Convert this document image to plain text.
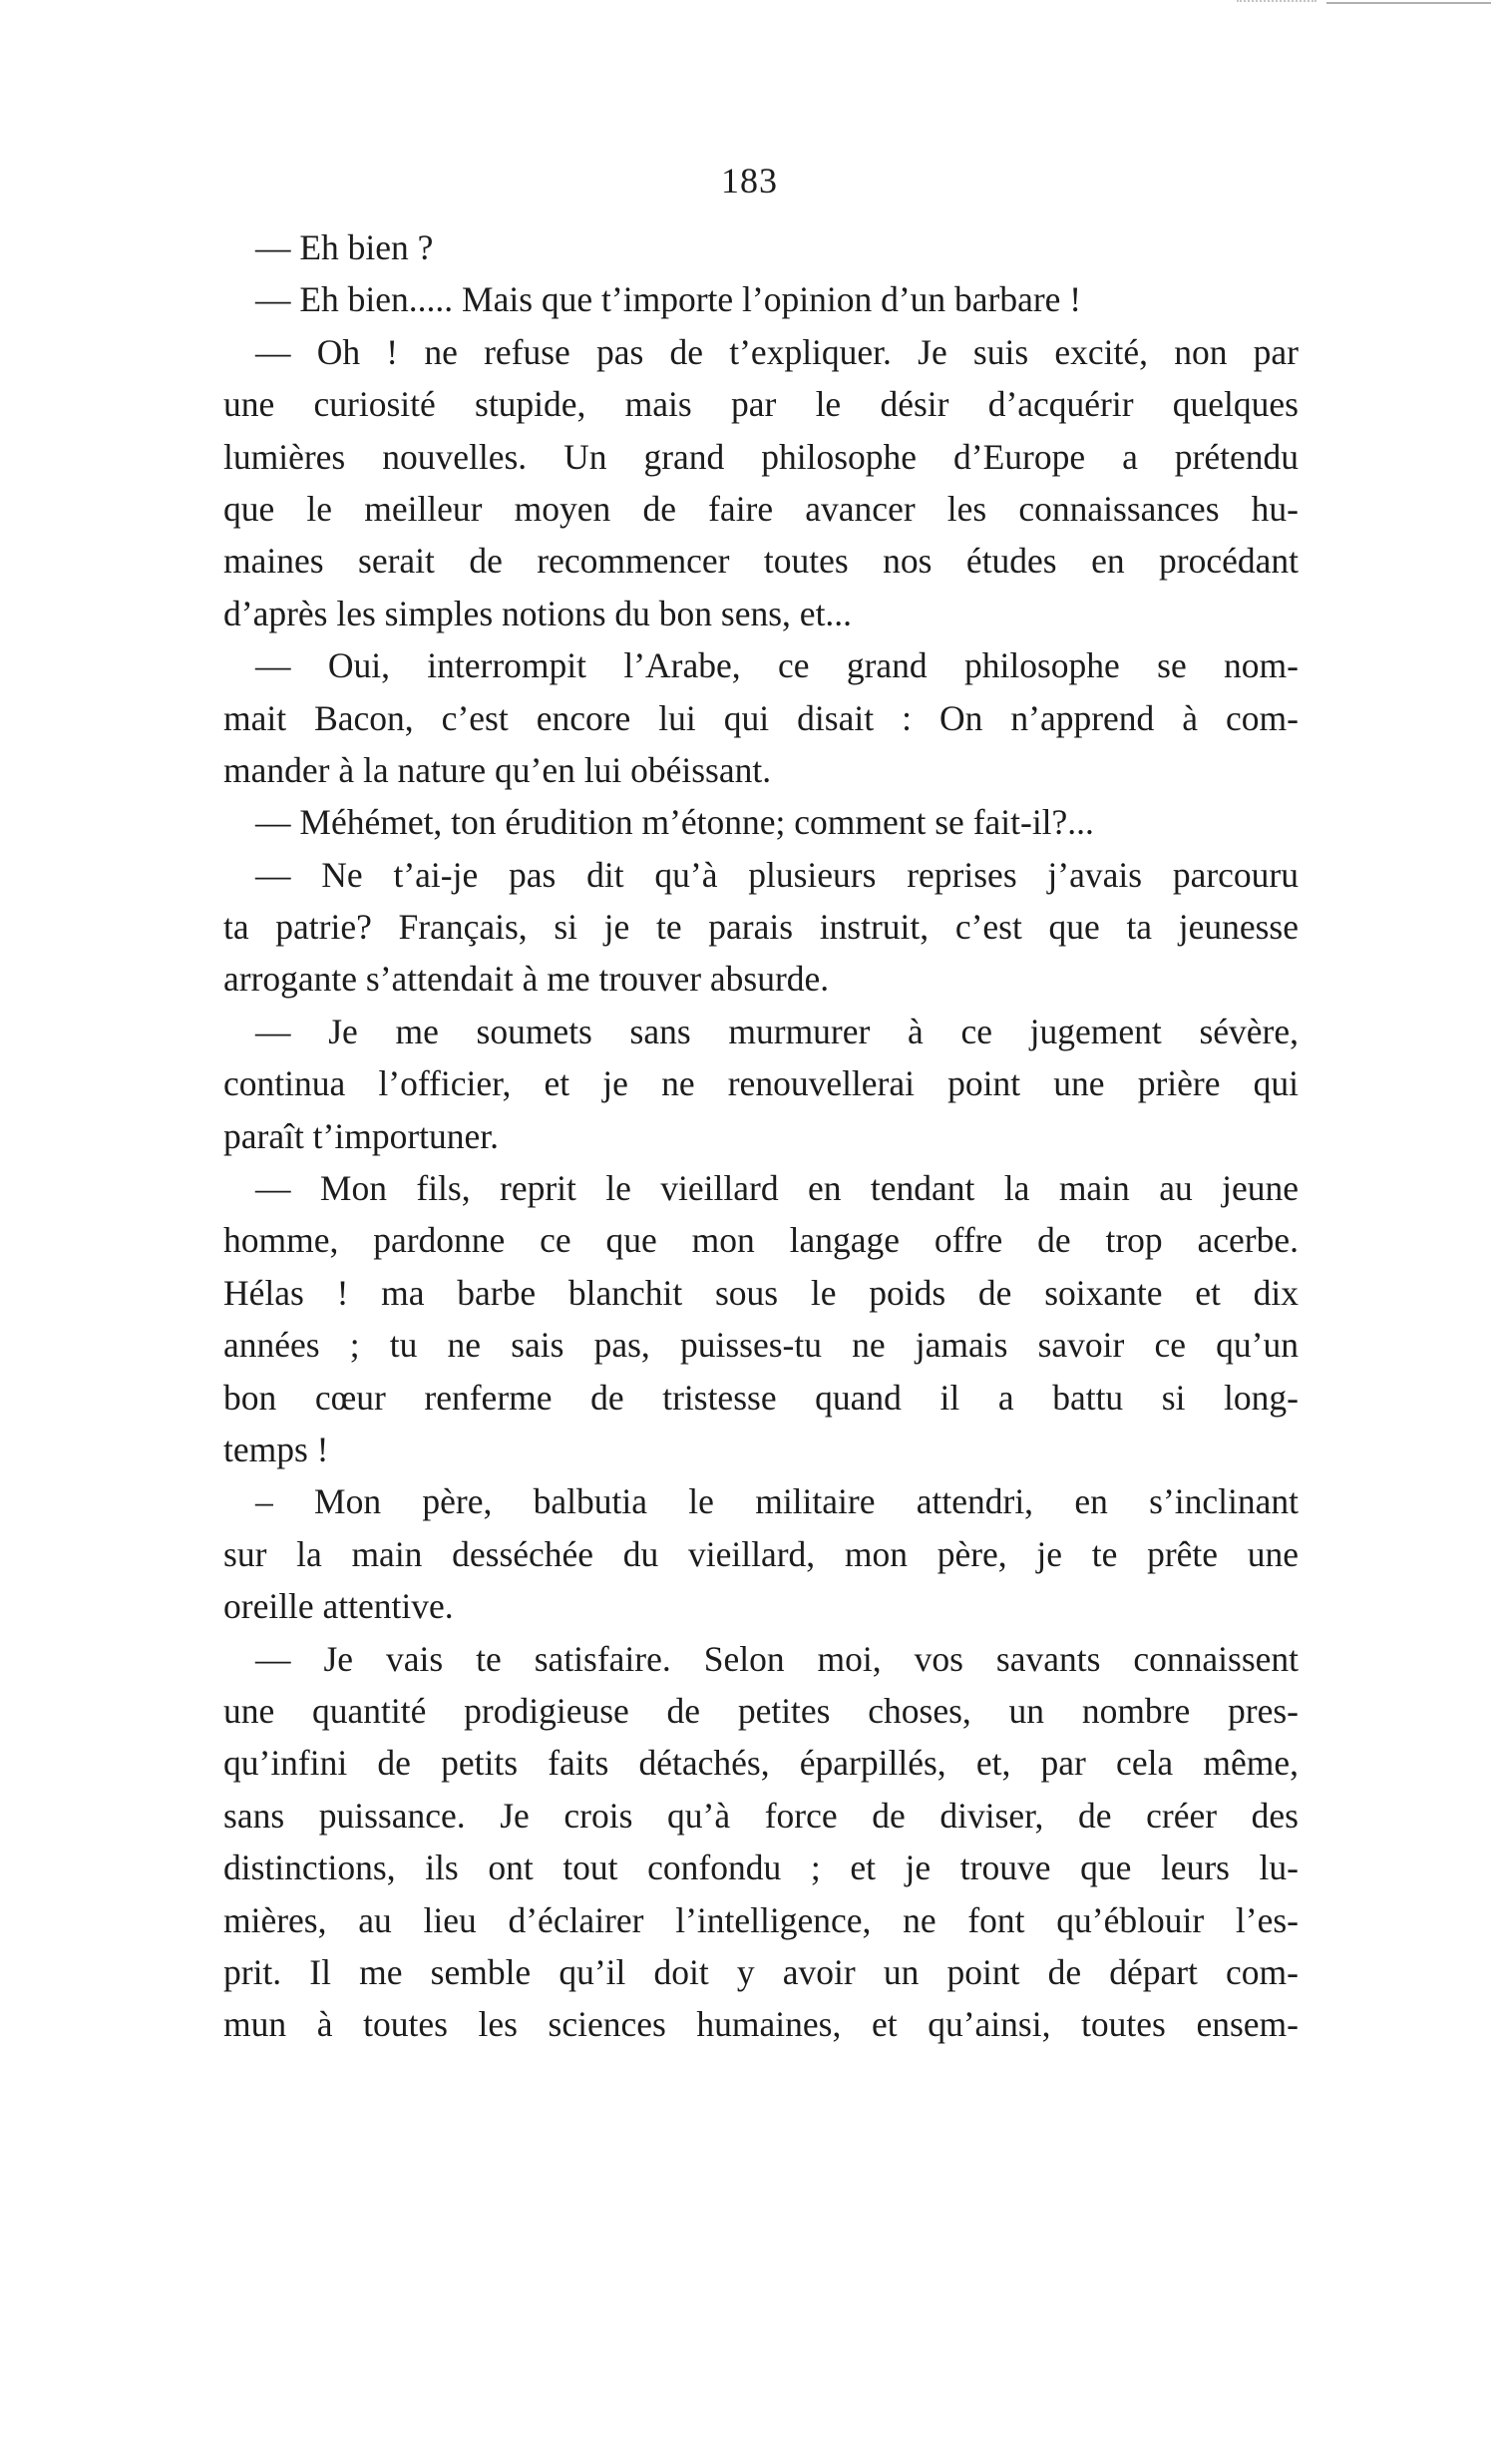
183
— Eh bien ?
— Eh bien..... Mais que t’importe l’opinion d’un barbare !
— Oh ! ne refuse pas de t’expliquer. Je suis excité, non par
une curiosité stupide, mais par le désir d’acquérir quelques
lumières nouvelles. Un grand philosophe d’Europe a prétendu
que le meilleur moyen de faire avancer les connaissances hu-
maines serait de recommencer toutes nos études en procédant
d’après les simples notions du bon sens, et...
— Oui, interrompit l’Arabe, ce grand philosophe se nom-
mait Bacon, c’est encore lui qui disait : On n’apprend à com-
mander à la nature qu’en lui obéissant.
— Méhémet, ton érudition m’étonne; comment se fait-il?...
— Ne t’ai-je pas dit qu’à plusieurs reprises j’avais parcouru
ta patrie? Français, si je te parais instruit, c’est que ta jeunesse
arrogante s’attendait à me trouver absurde.
— Je me soumets sans murmurer à ce jugement sévère,
continua l’officier, et je ne renouvellerai point une prière qui
paraît t’importuner.
— Mon fils, reprit le vieillard en tendant la main au jeune
homme, pardonne ce que mon langage offre de trop acerbe.
Hélas ! ma barbe blanchit sous le poids de soixante et dix
années ; tu ne sais pas, puisses-tu ne jamais savoir ce qu’un
bon cœur renferme de tristesse quand il a battu si long-
temps !
– Mon père, balbutia le militaire attendri, en s’inclinant
sur la main desséchée du vieillard, mon père, je te prête une
oreille attentive.
— Je vais te satisfaire. Selon moi, vos savants connaissent
une quantité prodigieuse de petites choses, un nombre pres-
qu’infini de petits faits détachés, éparpillés, et, par cela même,
sans puissance. Je crois qu’à force de diviser, de créer des
distinctions, ils ont tout confondu ; et je trouve que leurs lu-
mières, au lieu d’éclairer l’intelligence, ne font qu’éblouir l’es-
prit. Il me semble qu’il doit y avoir un point de départ com-
mun à toutes les sciences humaines, et qu’ainsi, toutes ensem-
